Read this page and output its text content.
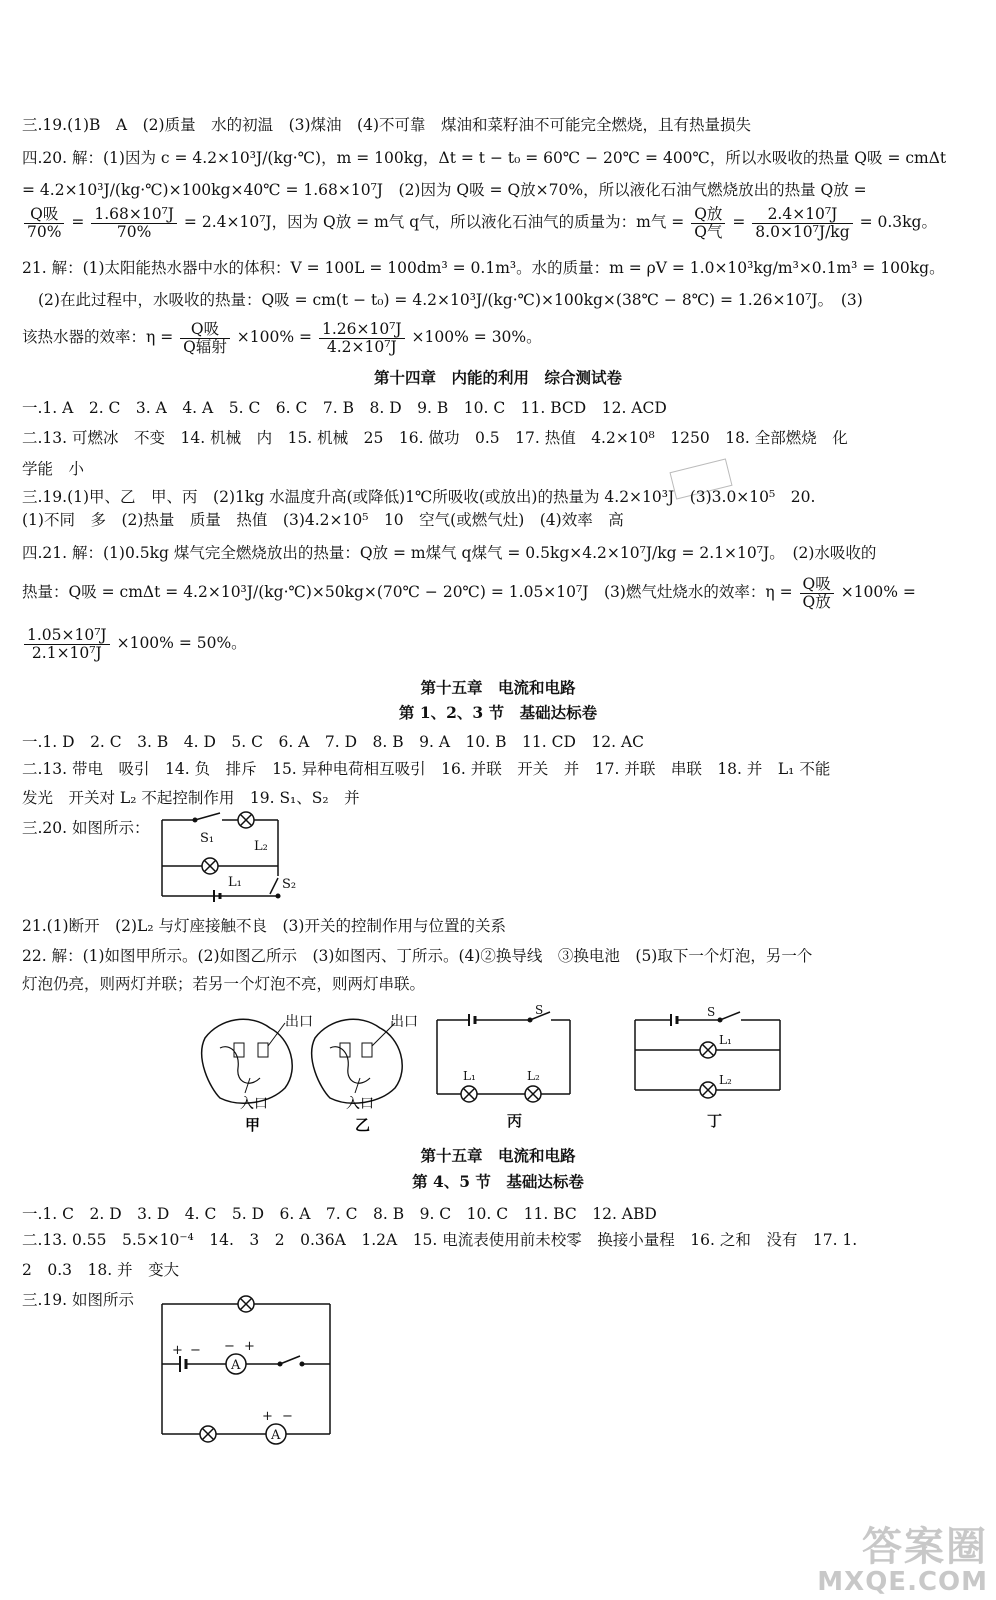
三.19.(1)B　A　(2)质量　水的初温　(3)煤油　(4)不可靠　煤油和菜籽油不可能完全燃烧，且有热量损失
四.20. 解：(1)因为 c = 4.2×10³J/(kg·℃)，m = 100kg，Δt = t − t₀ = 60℃ − 20℃ = 400℃，所以水吸收的热量 Q吸 = cmΔt
= 4.2×10³J/(kg·℃)×100kg×40℃ = 1.68×10⁷J　(2)因为 Q吸 = Q放×70%，所以液化石油气燃烧放出的热量 Q放 =
$\frac{\text{Q吸}}{70\%} = \frac{\text{1.68×10⁷J}}{70\%} = 2.4\times 10^7J$，因为 Q放 = m气 q气，所以液化石油气的质量为：m气 = $\frac{\text{Q放}}{\text{Q气}} = \frac{\text{2.4×10⁷J}}{\text{8.0×10⁷J/kg}} = 0.3kg$。
21. 解：(1)太阳能热水器中水的体积：V = 100L = 100dm³ = 0.1m³。水的质量：m = ρV = 1.0×10³kg/m³×0.1m³ = 100kg。
(2)在此过程中，水吸收的热量：Q吸 = cm(t − t₀) = 4.2×10³J/(kg·℃)×100kg×(38℃ − 8℃) = 1.26×10⁷J。　(3)
该热水器的效率：$\eta = \frac{\text{Q吸}}{\text{Q辐射}} \times 100\% = \frac{\text{1.26×10⁷J}}{\text{4.2×10⁷J}} \times 100\% = 30\%$。
第十四章　内能的利用　综合测试卷
一.1. A　2. C　3. A　4. A　5. C　6. C　7. B　8. D　9. B　10. C　11. BCD　12. ACD
二.13. 可燃冰　不变　14. 机械　内　15. 机械　25　16. 做功　0.5　17. 热值　4.2×10⁸　1250　18. 全部燃烧　化
学能　小
三.19.(1)甲、乙　甲、丙　(2)1kg 水温度升高(或降低)1℃所吸收(或放出)的热量为 4.2×10³J　(3)3.0×10⁵　20.
(1)不同　多　(2)热量　质量　热值　(3)4.2×10⁵　10　空气(或燃气灶)　(4)效率　高
四.21. 解：(1)0.5kg 煤气完全燃烧放出的热量：Q放 = m煤气 q煤气 = 0.5kg×4.2×10⁷J/kg = 2.1×10⁷J。　(2)水吸收的
热量：Q吸 = cmΔt = 4.2×10³J/(kg·℃)×50kg×(70℃ − 20℃) = 1.05×10⁷J　(3)燃气灶烧水的效率：$\eta = \frac{\text{Q吸}}{\text{Q放}} \times 100\%$ =
$\frac{\text{1.05×10⁷J}}{\text{2.1×10⁷J}} \times 100\% = 50\%$。
第十五章　电流和电路
第 1、2、3 节　基础达标卷
一.1. D　2. C　3. B　4. D　5. C　6. A　7. D　8. B　9. A　10. B　11. CD　12. AC
二.13. 带电　吸引　14. 负　排斥　15. 异种电荷相互吸引　16. 并联　开关　并　17. 并联　串联　18. 并　L₁ 不能
发光　开关对 L₂ 不起控制作用　19. S₁、S₂　并
三.20. 如图所示：
S₁
L₂
L₁	S₂
21.(1)断开　(2)L₂ 与灯座接触不良　(3)开关的控制作用与位置的关系
22. 解：(1)如图甲所示。(2)如图乙所示　(3)如图丙、丁所示。(4)②换导线　③换电池　(5)取下一个灯泡，另一个
灯泡仍亮，则两灯并联；若另一个灯泡不亮，则两灯串联。
出口
入口
甲
出口
入口
乙
S
L₁	L₂
丙
S
L₁
L₂
丁
第十五章　电流和电路
第 4、5 节　基础达标卷
一.1. C　2. D　3. D　4. C　5. D　6. A　7. C　8. B　9. C　10. C　11. BC　12. ABD
二.13. 0.55　5.5×10⁻⁴　14.　3　2　0.36A　1.2A　15. 电流表使用前未校零　换接小量程　16. 之和　没有　17. 1.
2　0.3　18. 并　变大
三.19. 如图所示
A
A
+ − − +
+ −
答案圈
MXQE.COM
